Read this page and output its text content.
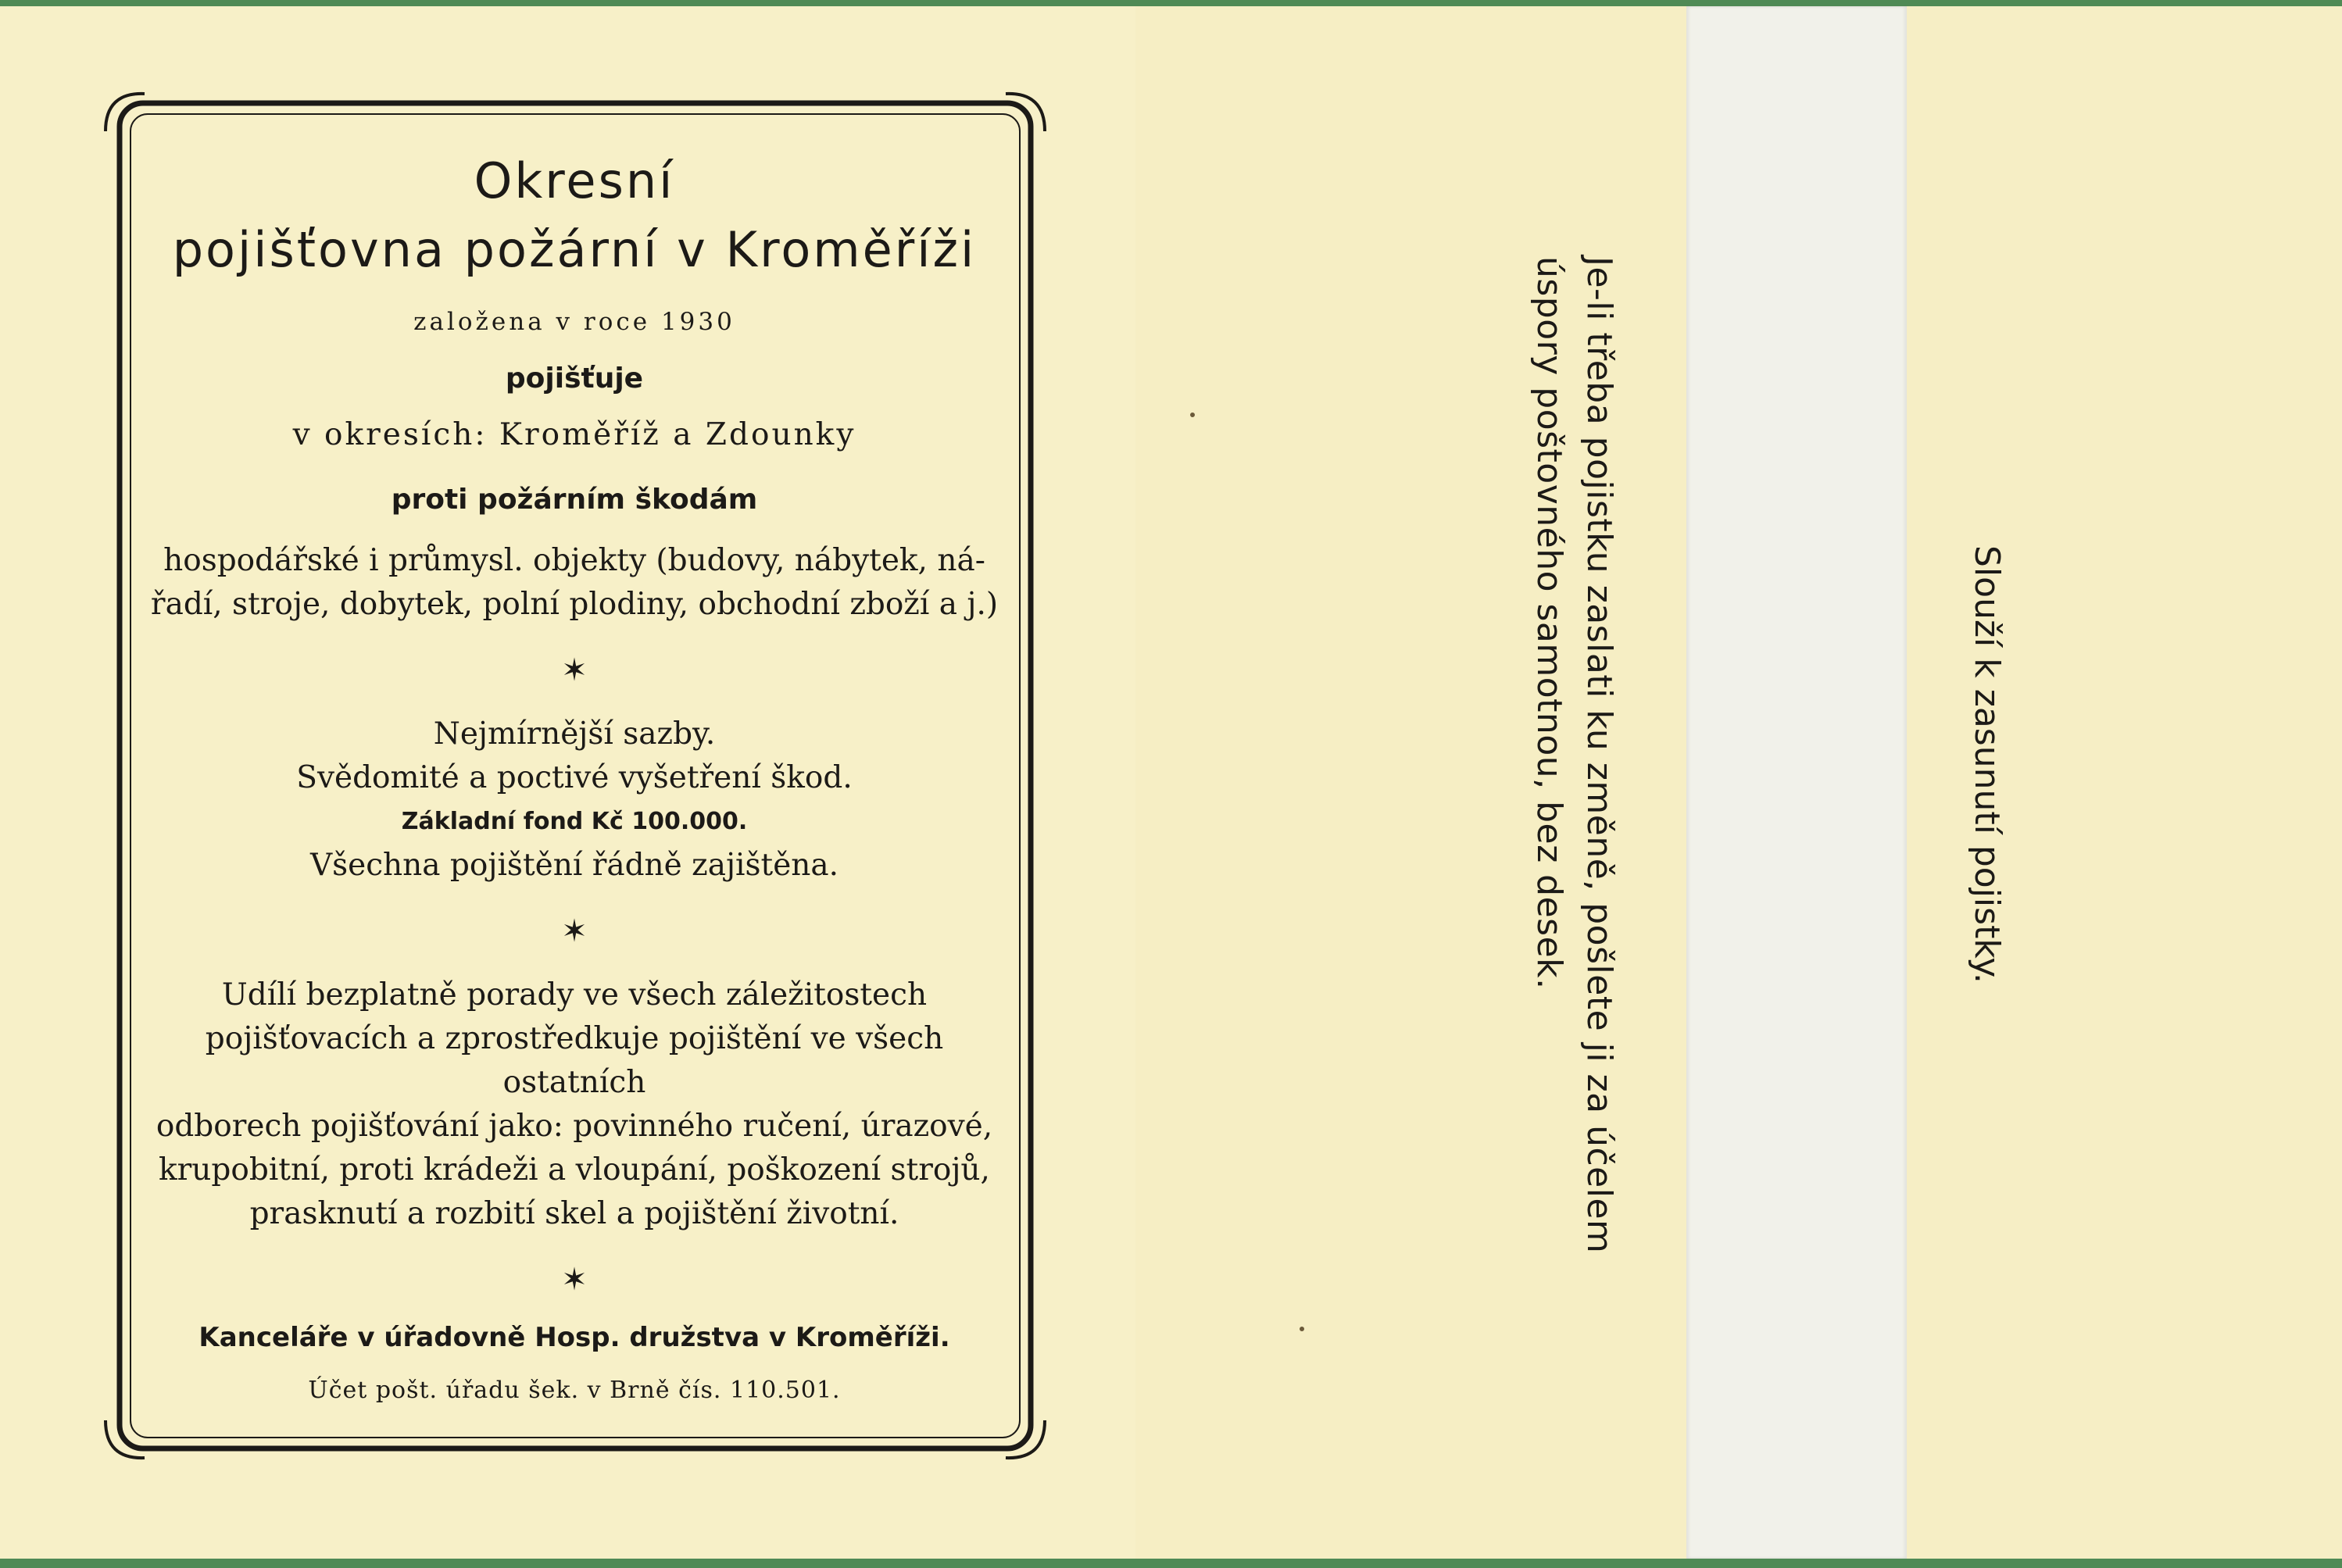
Okresní
pojišťovna požární v Kroměříži
založena v roce 1930
pojišťuje
v okresích: Kroměříž a Zdounky
proti požárním škodám
hospodářské i průmysl. objekty (budovy, nábytek, ná-
řadí, stroje, dobytek, polní plodiny, obchodní zboží a j.)
✶
Nejmírnější sazby.
Svědomité a poctivé vyšetření škod.
Základní fond Kč 100.000.
Všechna pojištění řádně zajištěna.
✶
Udílí bezplatně porady ve všech záležitostech
pojišťovacích a zprostředkuje pojištění ve všech ostatních
odborech pojišťování jako: povinného ručení, úrazové,
krupobitní, proti krádeži a vloupání, poškození strojů,
prasknutí a rozbití skel a pojištění životní.
✶
Kanceláře v úřadovně Hosp. družstva v Kroměříži.
Účet pošt. úřadu šek. v Brně čís. 110.501.
Je-li třeba pojistku zaslati ku změně, pošlete ji za účelem
úspory poštovného samotnou, bez desek.	Slouží k zasunutí pojistky.
